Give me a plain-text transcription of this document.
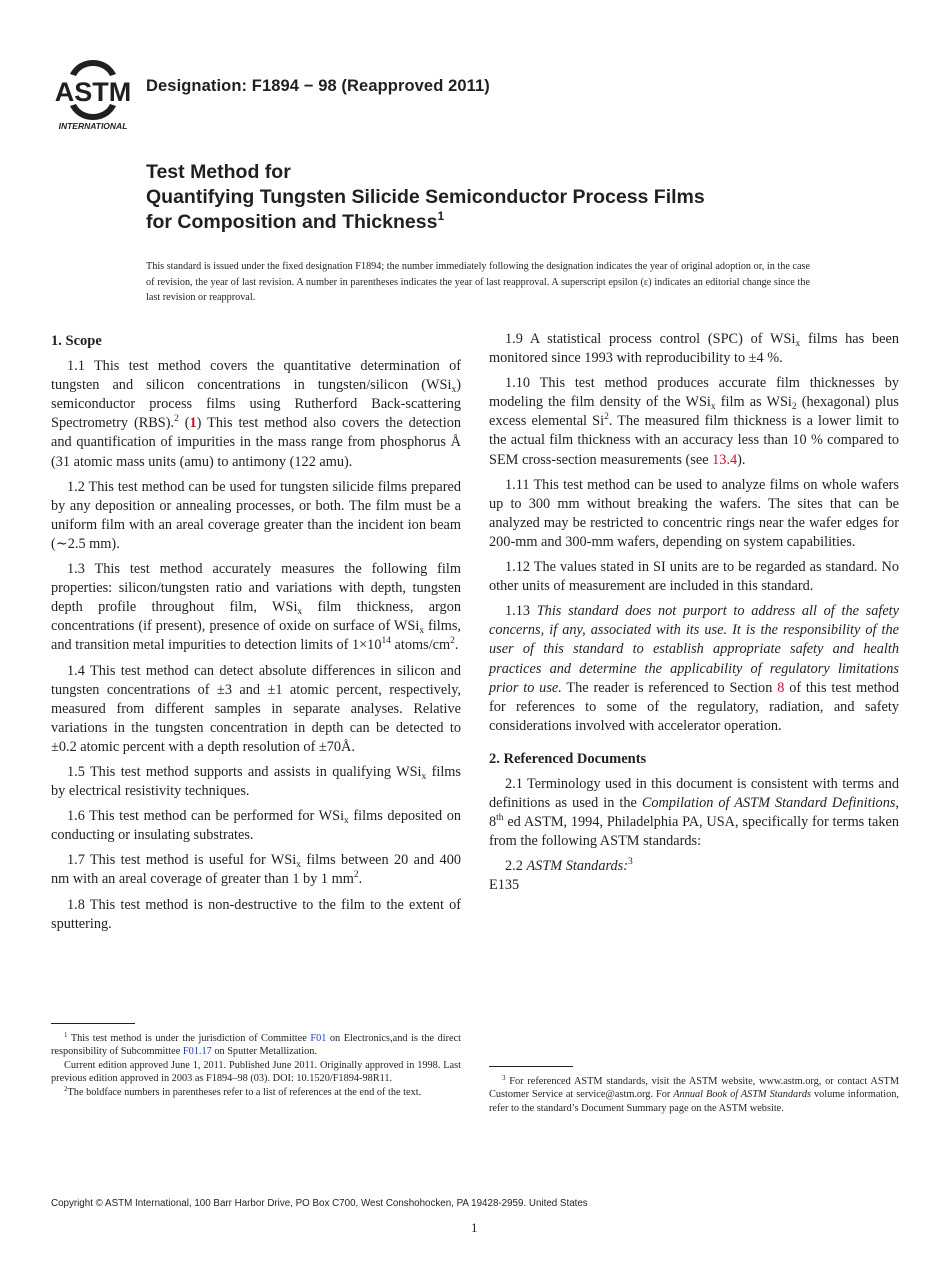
ASTM
INTERNATIONAL
Designation: F1894 − 98 (Reapproved 2011)
Test Method for
Quantifying Tungsten Silicide Semiconductor Process Films
for Composition and Thickness$^1$
This standard is issued under the fixed designation F1894; the number immediately following the designation indicates the year of original adoption or, in the case of revision, the year of last revision. A number in parentheses indicates the year of last reapproval. A superscript epsilon (ε) indicates an editorial change since the last revision or reapproval.
1. Scope

1.1 This test method covers the quantitative determination of tungsten and silicon concentrations in tungsten/silicon (WSi$_x$) semiconductor process films using Rutherford Back-scattering Spectrometry (RBS).$^2$ (1) This test method also covers the detection and quantification of impurities in the mass range from phosphorus Å (31 atomic mass units (amu) to antimony (122 amu).

1.2 This test method can be used for tungsten silicide films prepared by any deposition or annealing processes, or both. The film must be a uniform film with an areal coverage greater than the incident ion beam (∼2.5 mm).

1.3 This test method accurately measures the following film properties: silicon/tungsten ratio and variations with depth, tungsten depth profile throughout film, WSi$_x$ film thickness, argon concentrations (if present), presence of oxide on surface of WSi$_x$ films, and transition metal impurities to detection limits of $1\times 10^{14}$ atoms/$cm^2$.

1.4 This test method can detect absolute differences in silicon and tungsten concentrations of ±3 and ±1 atomic percent, respectively, measured from different samples in separate analyses. Relative variations in the tungsten concentration in depth can be detected to ±0.2 atomic percent with a depth resolution of ±70Å.

1.5 This test method supports and assists in qualifying WSi$_x$ films by electrical resistivity techniques.

1.6 This test method can be performed for WSi$_x$ films deposited on conducting or insulating substrates.

1.7 This test method is useful for WSi$_x$ films between 20 and 400 nm with an areal coverage of greater than 1 by 1 $mm^2$.

1.8 This test method is non-destructive to the film to the extent of sputtering.

1.9 A statistical process control (SPC) of WSi$_x$ films has been monitored since 1993 with reproducibility to ±4 %.

1.10 This test method produces accurate film thicknesses by modeling the film density of the WSi$_x$ film as WSi$_2$ (hexagonal) plus excess elemental Si$^2$. The measured film thickness is a lower limit to the actual film thickness with an accuracy less than 10 % compared to SEM cross-section measurements (see 13.4).

1.11 This test method can be used to analyze films on whole wafers up to 300 mm without breaking the wafers. The sites that can be analyzed may be restricted to concentric rings near the wafer edges for 200-mm and 300-mm wafers, depending on system capabilities.

1.12 The values stated in SI units are to be regarded as standard. No other units of measurement are included in this standard.

1.13 This standard does not purport to address all of the safety concerns, if any, associated with its use. It is the responsibility of the user of this standard to establish appropriate safety and health practices and determine the applicability of regulatory limitations prior to use. The reader is referenced to Section 8 of this test method for references to some of the regulatory, radiation, and safety considerations involved with accelerator operation.

2. Referenced Documents

2.1 Terminology used in this document is consistent with terms and definitions as used in the Compilation of ASTM Standard Definitions, 8th ed ASTM, 1994, Philadelphia PA, USA, specifically for terms taken from the following ASTM standards:

2.2 ASTM Standards:$^3$

E135

$^1$ This test method is under the jurisdiction of Committee F01 on Electronics,and is the direct responsibility of Subcommittee F01.17 on Sputter Metallization.

Current edition approved June 1, 2011. Published June 2011. Originally approved in 1998. Last previous edition approved in 2003 as F1894–98 (03). DOI: 10.1520/F1894-98R11.

$^2$The boldface numbers in parentheses refer to a list of references at the end of the text.

$^3$ For referenced ASTM standards, visit the ASTM website, www.astm.org, or contact ASTM Customer Service at service@astm.org. For Annual Book of ASTM Standards volume information, refer to the standard’s Document Summary page on the ASTM website.

Copyright © ASTM International, 100 Barr Harbor Drive, PO Box C700, West Conshohocken, PA 19428-2959. United States
1
